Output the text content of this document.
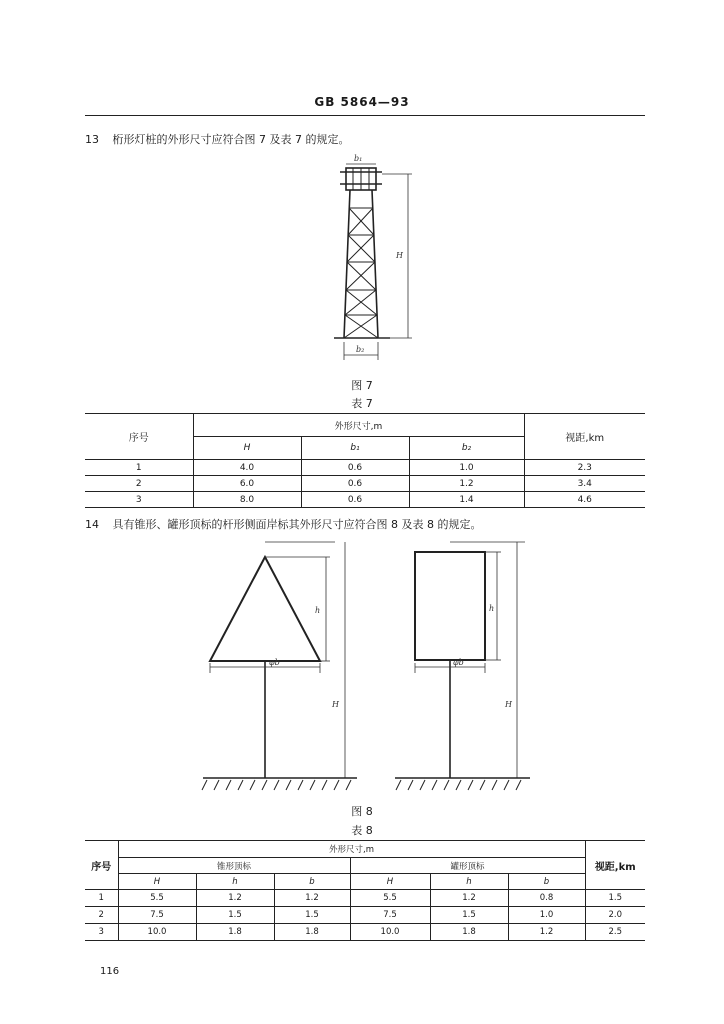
GB 5864—93
13 桁形灯桩的外形尺寸应符合图 7 及表 7 的规定。
b₁
H
b₂
图 7
表 7
序号	外形尺寸,m			视距,km
	H	b₁	b₂	
1	4.0	0.6	1.0	2.3
2	6.0	0.6	1.2	3.4
3	8.0	0.6	1.4	4.6
14 具有锥形、罐形顶标的杆形侧面岸标其外形尺寸应符合图 8 及表 8 的规定。
h
φb
H
h
φb
H
图 8
表 8
序号	外形尺寸,m						视距,km
	锥形顶标			罐形顶标			
	H	h	b	H	h	b	
1	5.5	1.2	1.2	5.5	1.2	0.8	1.5
2	7.5	1.5	1.5	7.5	1.5	1.0	2.0
3	10.0	1.8	1.8	10.0	1.8	1.2	2.5
116
